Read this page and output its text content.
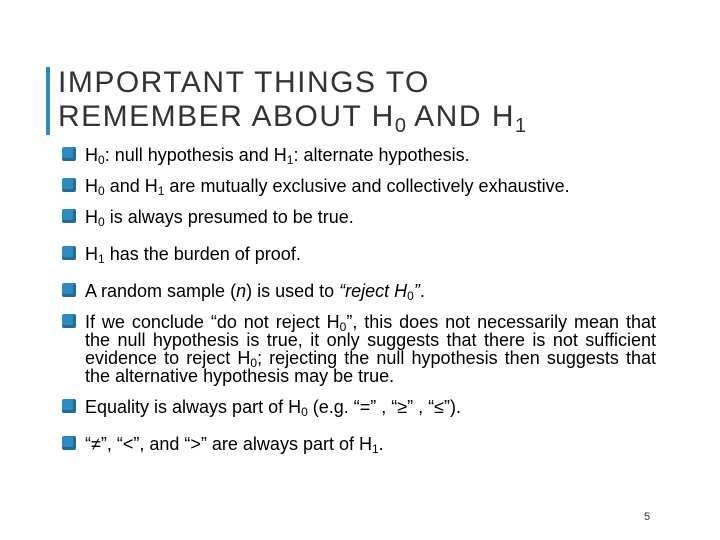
IMPORTANT THINGS TO
REMEMBER ABOUT $H_0$ AND $H_1$
$H_0$: null hypothesis and $H_1$: alternate hypothesis.
$H_0$ and $H_1$ are mutually exclusive and collectively exhaustive.
$H_0$ is always presumed to be true.
$H_1$ has the burden of proof.
A random sample (n) is used to “reject $H_0$”.
If we conclude “do not reject $H_0$”, this does not necessarily mean that the null hypothesis is true, it only suggests that there is not sufficient evidence to reject $H_0$; rejecting the null hypothesis then suggests that the alternative hypothesis may be true.
Equality is always part of $H_0$ (e.g. “=” , “≥” , “≤”).
“≠”, “<”, and “>” are always part of $H_1$.
5
